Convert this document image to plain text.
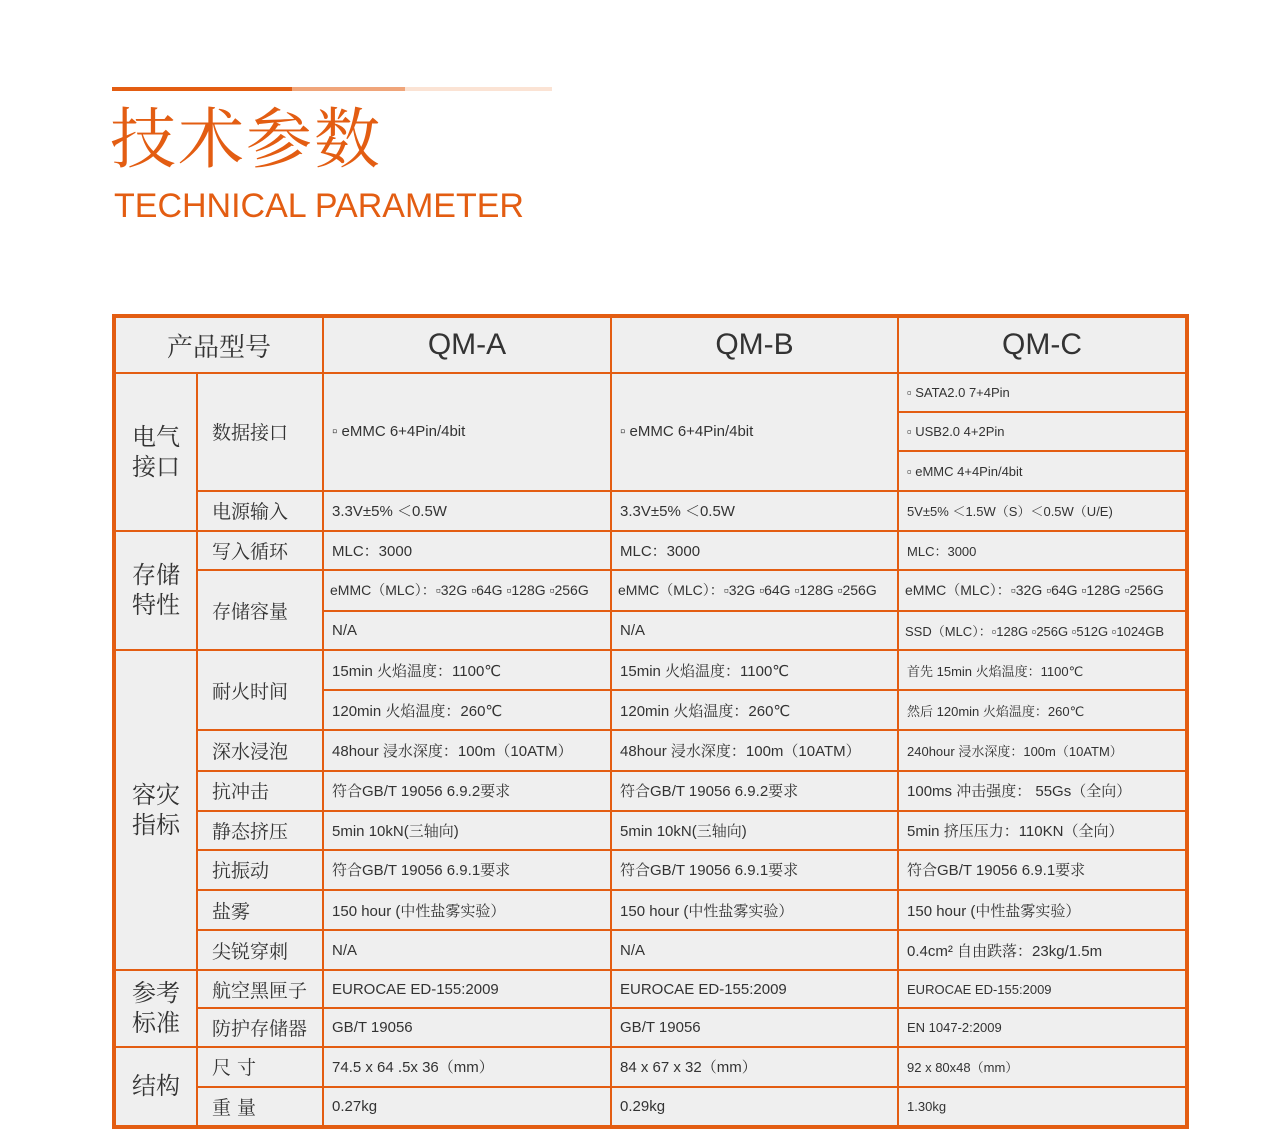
技术参数
TECHNICAL PARAMETER
产品型号		QM-A	QM-B	QM-C
电气接口	数据接口	▫ eMMC 6+4Pin/4bit	▫ eMMC 6+4Pin/4bit	▫ SATA2.0 7+4Pin
				▫ USB2.0 4+2Pin
				▫ eMMC 4+4Pin/4bit
	电源输入	3.3V±5% ＜0.5W	3.3V±5% ＜0.5W	5V±5% ＜1.5W（S）＜0.5W（U/E)
存储特性	写入循环	MLC：3000	MLC：3000	MLC：3000
	存储容量	eMMC（MLC）：▫32G ▫64G ▫128G ▫256G	eMMC（MLC）：▫32G ▫64G ▫128G ▫256G	eMMC（MLC）：▫32G ▫64G ▫128G ▫256G
		N/A	N/A	SSD（MLC）：▫128G ▫256G ▫512G ▫1024GB
容灾指标	耐火时间	15min 火焰温度：1100℃	15min 火焰温度：1100℃	首先 15min 火焰温度：1100℃
		120min 火焰温度：260℃	120min 火焰温度：260℃	然后 120min 火焰温度：260℃
	深水浸泡	48hour 浸水深度：100m（10ATM）	48hour 浸水深度：100m（10ATM）	240hour 浸水深度：100m（10ATM）
	抗冲击	符合GB/T 19056 6.9.2要求	符合GB/T 19056 6.9.2要求	100ms 冲击强度： 55Gs（全向）
	静态挤压	5min 10kN(三轴向)	5min 10kN(三轴向)	5min 挤压压力：110KN（全向）
	抗振动	符合GB/T 19056 6.9.1要求	符合GB/T 19056 6.9.1要求	符合GB/T 19056 6.9.1要求
	盐雾	150 hour (中性盐雾实验）	150 hour (中性盐雾实验）	150 hour (中性盐雾实验）
	尖锐穿刺	N/A	N/A	0.4cm² 自由跌落：23kg/1.5m
参考标准	航空黑匣子	EUROCAE ED-155:2009	EUROCAE ED-155:2009	EUROCAE ED-155:2009
	防护存储器	GB/T 19056	GB/T 19056	EN 1047-2:2009
结构	尺 寸	74.5 x 64 .5x 36（mm）	84 x 67 x 32（mm）	92 x 80x48（mm）
	重 量	0.27kg	0.29kg	1.30kg
